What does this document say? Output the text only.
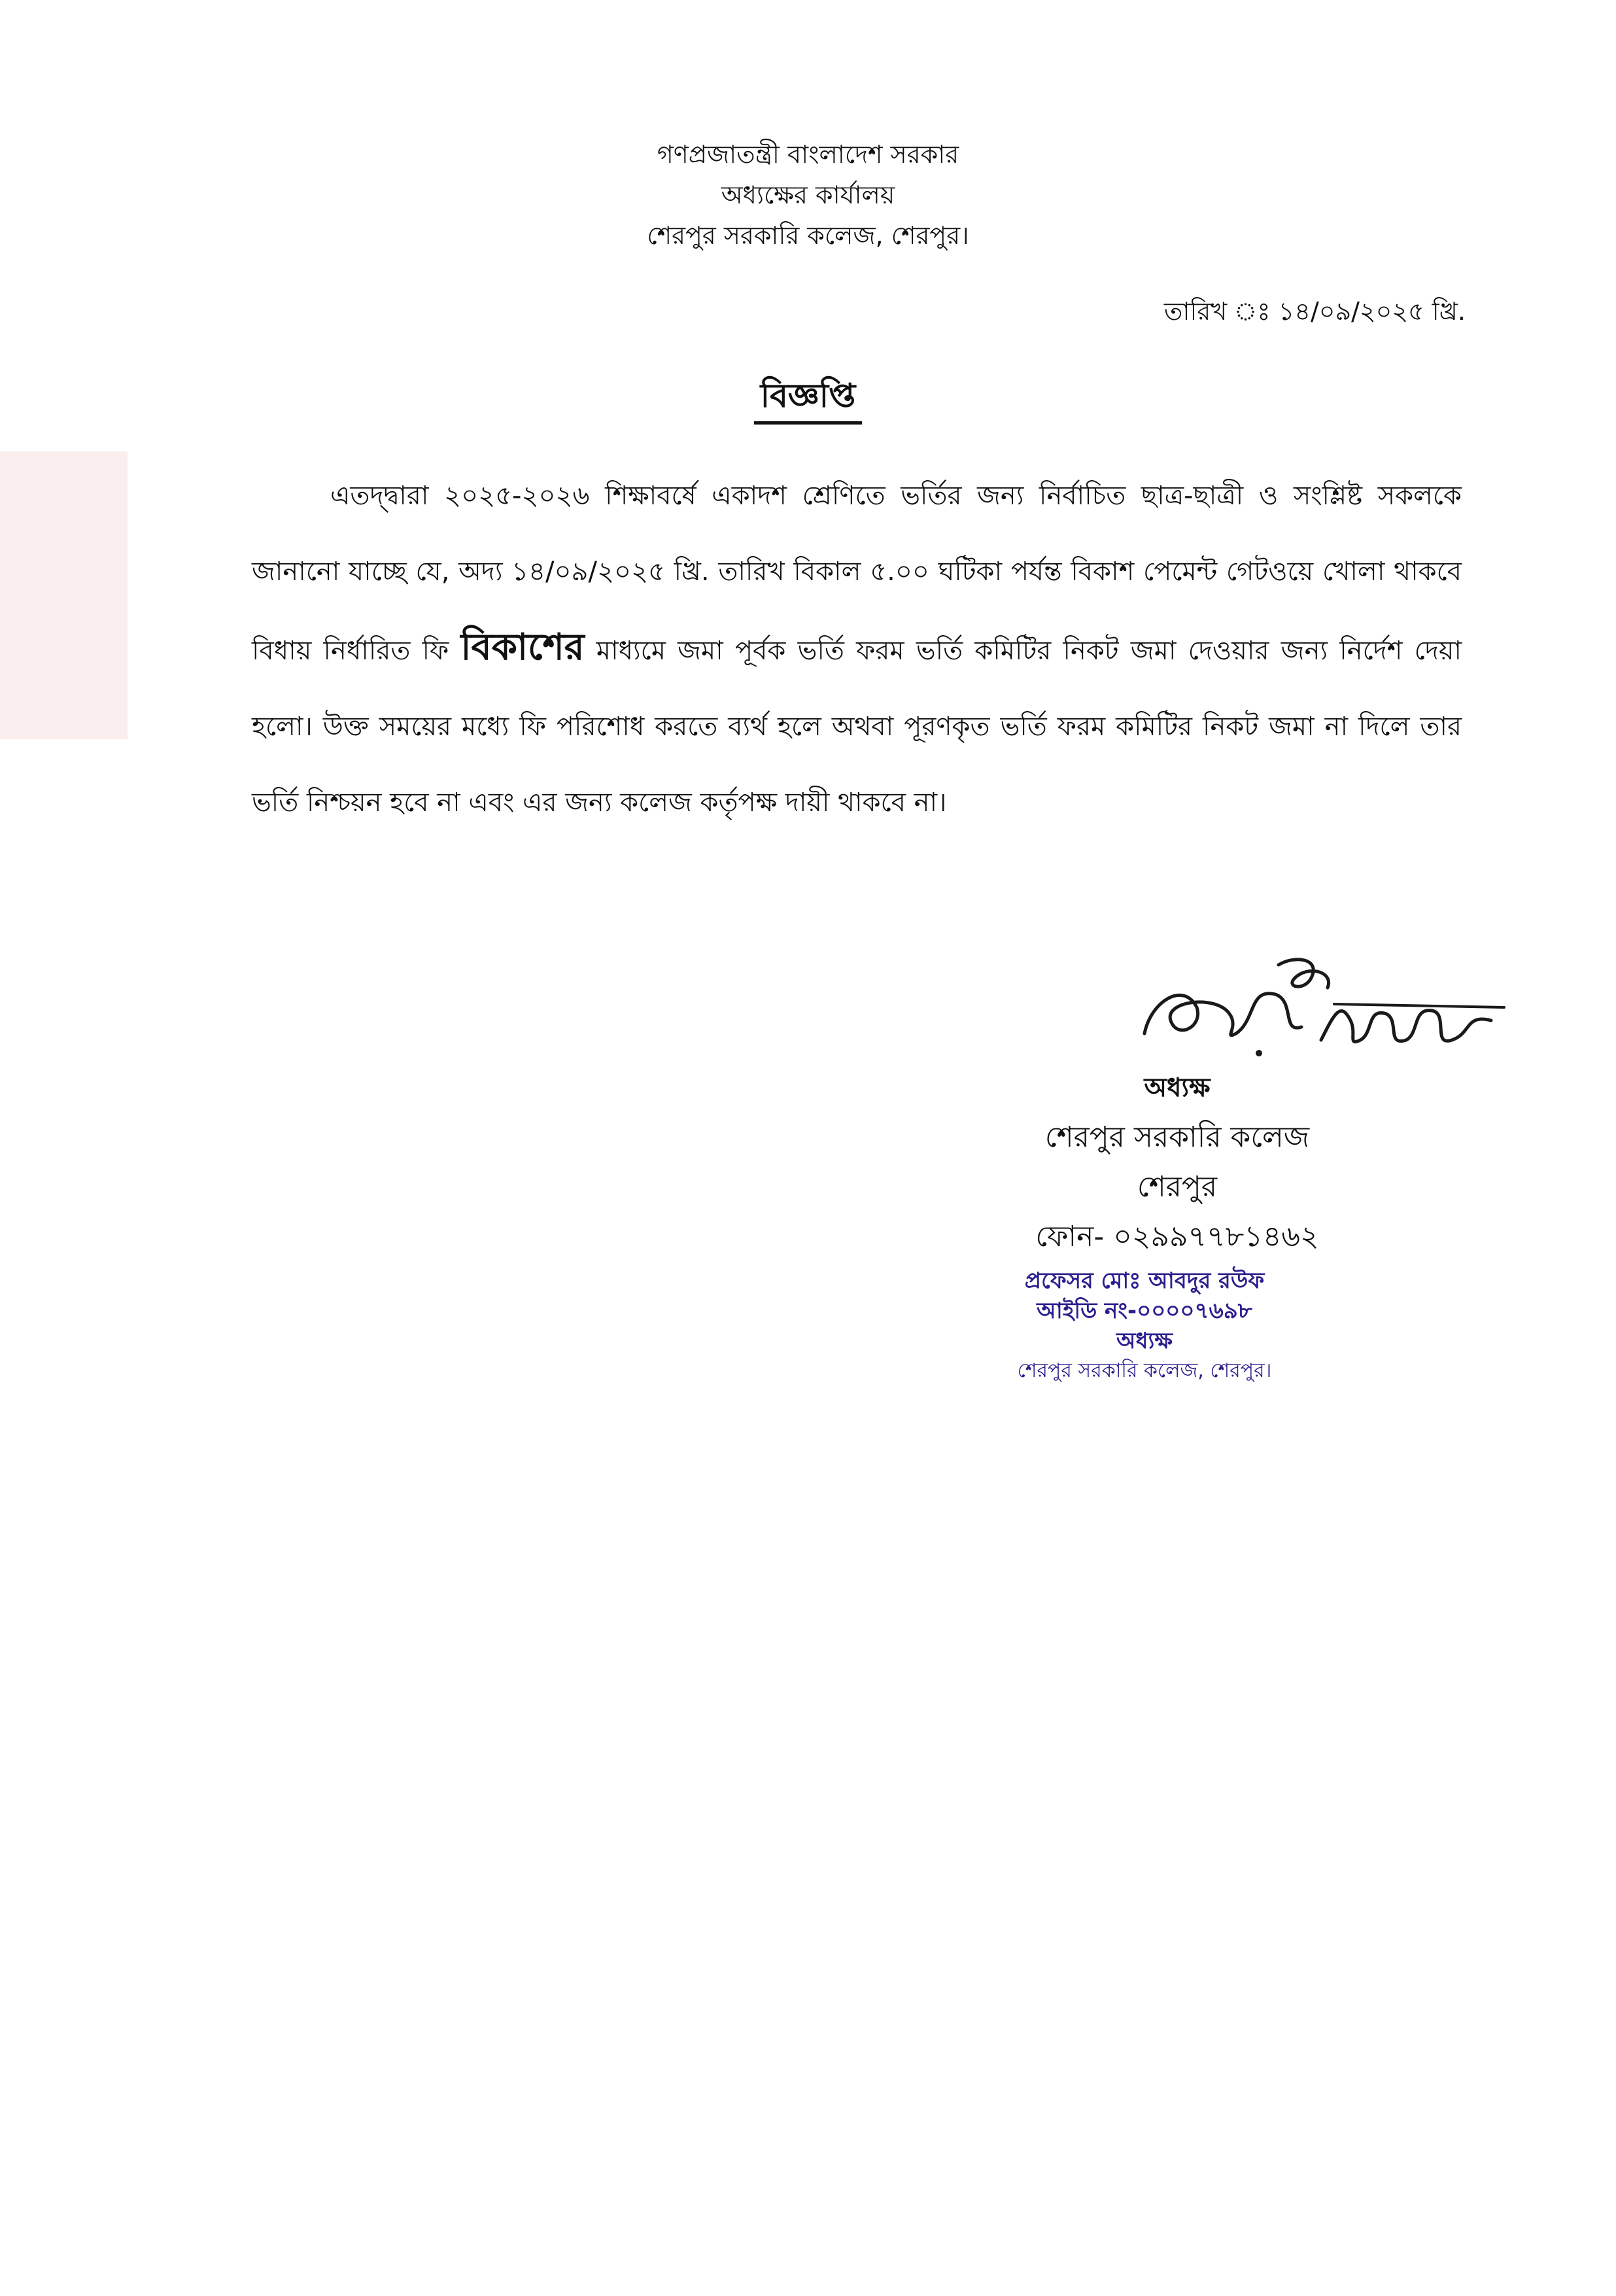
গণপ্রজাতন্ত্রী বাংলাদেশ সরকার
অধ্যক্ষের কার্যালয়
শেরপুর সরকারি কলেজ, শেরপুর।
তারিখ ঃ ১৪/০৯/২০২৫ খ্রি.
বিজ্ঞপ্তি

এতদ্দ্বারা ২০২৫-২০২৬ শিক্ষাবর্ষে একাদশ শ্রেণিতে ভর্তির জন্য নির্বাচিত ছাত্র-ছাত্রী ও সংশ্লিষ্ট সকলকে জানানো যাচ্ছে যে, অদ্য ১৪/০৯/২০২৫ খ্রি. তারিখ বিকাল ৫.০০ ঘটিকা পর্যন্ত বিকাশ পেমেন্ট গেটওয়ে খোলা থাকবে বিধায় নির্ধারিত ফি বিকাশের মাধ্যমে জমা পূর্বক ভর্তি ফরম ভর্তি কমিটির নিকট জমা দেওয়ার জন্য নির্দেশ দেয়া হলো। উক্ত সময়ের মধ্যে ফি পরিশোধ করতে ব্যর্থ হলে অথবা পূরণকৃত ভর্তি ফরম কমিটির নিকট জমা না দিলে তার ভর্তি নিশ্চয়ন হবে না এবং এর জন্য কলেজ কর্তৃপক্ষ দায়ী থাকবে না।

অধ্যক্ষ
শেরপুর সরকারি কলেজ
শেরপুর
ফোন- ০২৯৯৭৭৮১৪৬২
প্রফেসর মোঃ আবদুর রউফ
আইডি নং-০০০০৭৬৯৮
অধ্যক্ষ
শেরপুর সরকারি কলেজ, শেরপুর।
